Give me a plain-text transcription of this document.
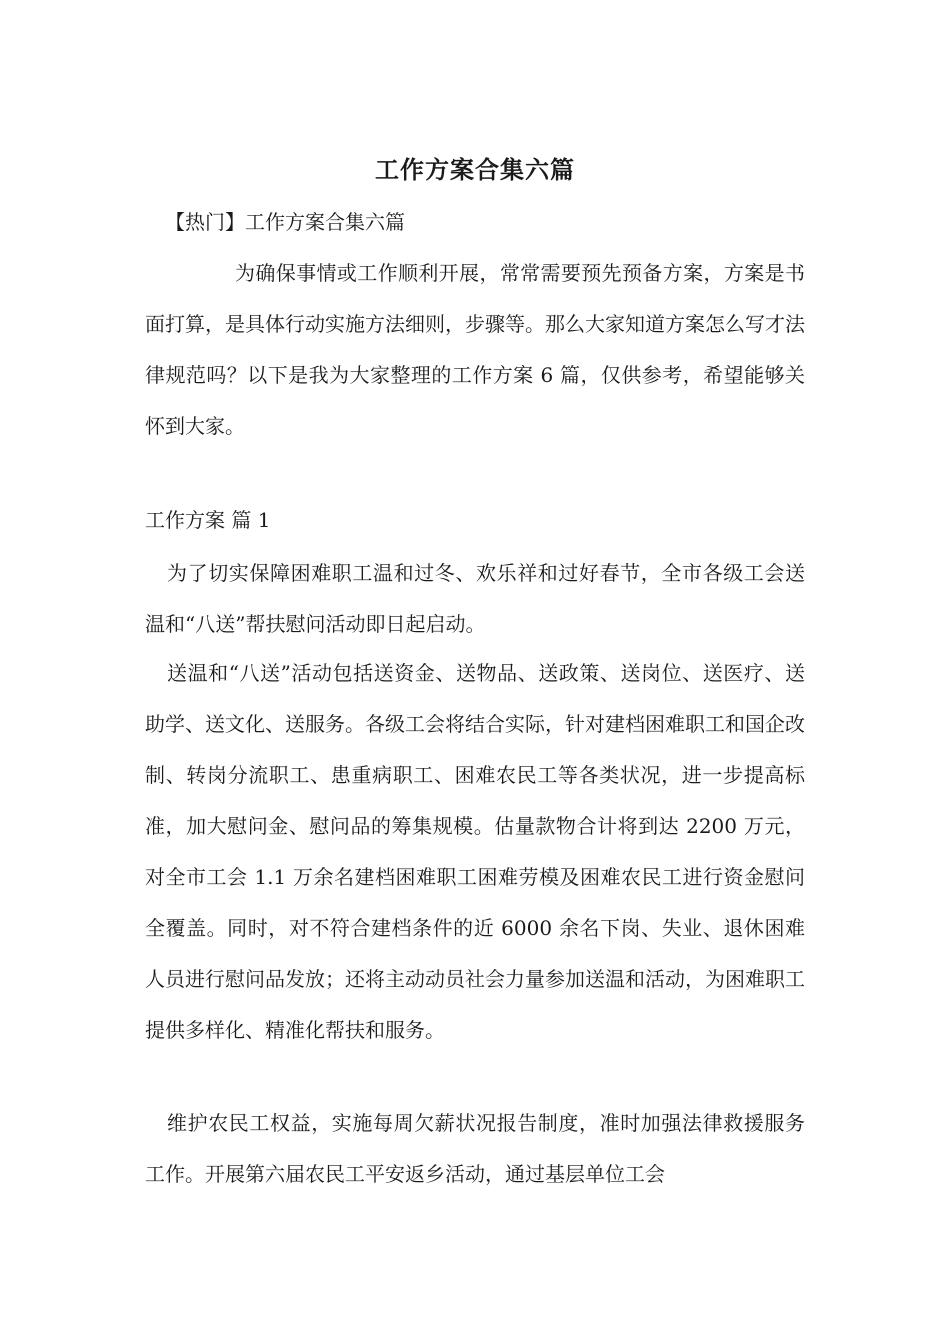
工作方案合集六篇

【热门】工作方案合集六篇

为确保事情或工作顺利开展，常常需要预先预备方案，方案是书面打算，是具体行动实施方法细则，步骤等。那么大家知道方案怎么写才法律规范吗？以下是我为大家整理的工作方案 6 篇，仅供参考，希望能够关怀到大家。

工作方案 篇 1

为了切实保障困难职工温和过冬、欢乐祥和过好春节，全市各级工会送温和“八送”帮扶慰问活动即日起启动。

送温和“八送”活动包括送资金、送物品、送政策、送岗位、送医疗、送助学、送文化、送服务。各级工会将结合实际，针对建档困难职工和国企改制、转岗分流职工、患重病职工、困难农民工等各类状况，进一步提高标准，加大慰问金、慰问品的筹集规模。估量款物合计将到达 2200 万元，对全市工会 1.1 万余名建档困难职工困难劳模及困难农民工进行资金慰问全覆盖。同时，对不符合建档条件的近 6000 余名下岗、失业、退休困难人员进行慰问品发放；还将主动动员社会力量参加送温和活动，为困难职工提供多样化、精准化帮扶和服务。

维护农民工权益，实施每周欠薪状况报告制度，准时加强法律救援服务工作。开展第六届农民工平安返乡活动，通过基层单位工会
